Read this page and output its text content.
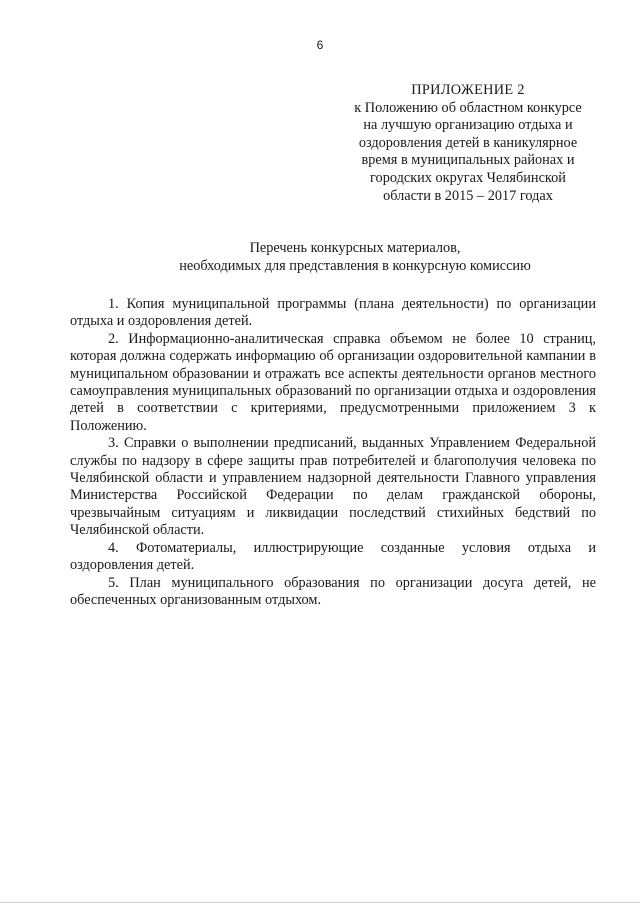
6
ПРИЛОЖЕНИЕ 2
к Положению об областном конкурсе
на лучшую организацию отдыха и
оздоровления детей в каникулярное
время в муниципальных районах и
городских округах Челябинской
области в 2015 – 2017 годах
Перечень конкурсных материалов,
необходимых для представления в конкурсную комиссию

1. Копия муниципальной программы (плана деятельности) по организации отдыха и оздоровления детей.

2. Информационно-аналитическая справка объемом не более 10 страниц, которая должна содержать информацию об организации оздоровительной кампании в муниципальном образовании и отражать все аспекты деятельности органов местного самоуправления муниципальных образований по организации отдыха и оздоровления детей в соответствии с критериями, предусмотренными приложением 3 к Положению.

3. Справки о выполнении предписаний, выданных Управлением Федеральной службы по надзору в сфере защиты прав потребителей и благополучия человека по Челябинской области и управлением надзорной деятельности Главного управления Министерства Российской Федерации по делам гражданской обороны, чрезвычайным ситуациям и ликвидации последствий стихийных бедствий по Челябинской области.

4. Фотоматериалы, иллюстрирующие созданные условия отдыха и оздоровления детей.

5. План муниципального образования по организации досуга детей, не обеспеченных организованным отдыхом.
